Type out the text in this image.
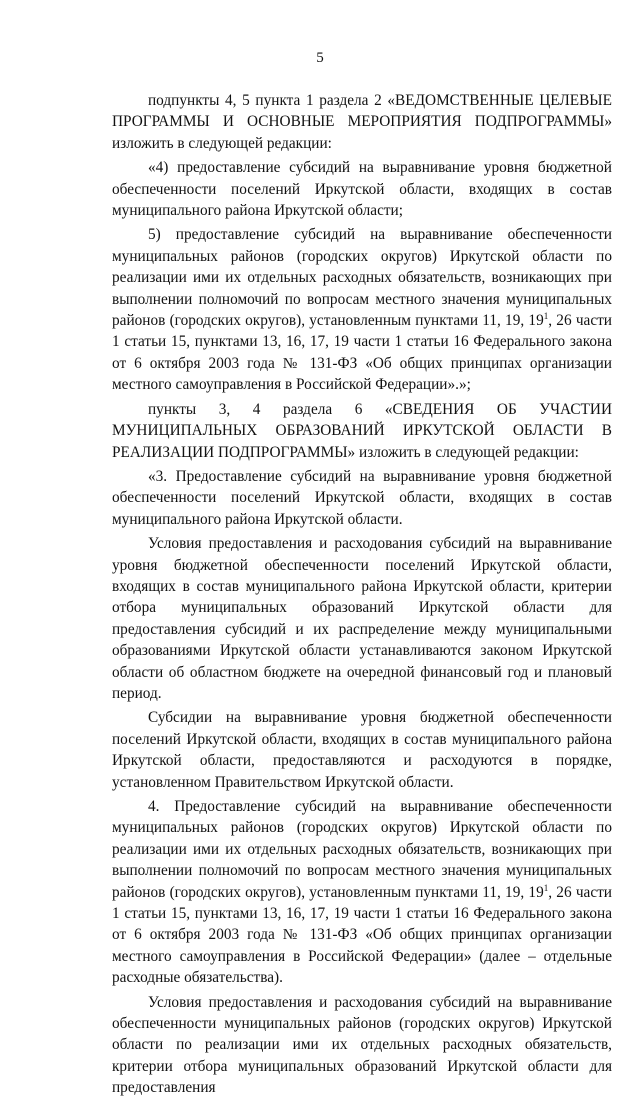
5

подпункты 4, 5 пункта 1 раздела 2 «ВЕДОМСТВЕННЫЕ ЦЕЛЕВЫЕ ПРОГРАММЫ И ОСНОВНЫЕ МЕРОПРИЯТИЯ ПОДПРОГРАММЫ» изложить в следующей редакции:

«4) предоставление субсидий на выравнивание уровня бюджетной обеспеченности поселений Иркутской области, входящих в состав муниципального района Иркутской области;

5) предоставление субсидий на выравнивание обеспеченности муниципальных районов (городских округов) Иркутской области по реализации ими их отдельных расходных обязательств, возникающих при выполнении полномочий по вопросам местного значения муниципальных районов (городских округов), установленным пунктами 11, 19, $19^1$, 26 части 1 статьи 15, пунктами 13, 16, 17, 19 части 1 статьи 16 Федерального закона от 6 октября 2003 года № 131-ФЗ «Об общих принципах организации местного самоуправления в Российской Федерации».»;

пункты 3, 4 раздела 6 «СВЕДЕНИЯ ОБ УЧАСТИИ МУНИЦИПАЛЬНЫХ ОБРАЗОВАНИЙ ИРКУТСКОЙ ОБЛАСТИ В РЕАЛИЗАЦИИ ПОДПРОГРАММЫ» изложить в следующей редакции:

«3. Предоставление субсидий на выравнивание уровня бюджетной обеспеченности поселений Иркутской области, входящих в состав муниципального района Иркутской области.

Условия предоставления и расходования субсидий на выравнивание уровня бюджетной обеспеченности поселений Иркутской области, входящих в состав муниципального района Иркутской области, критерии отбора муниципальных образований Иркутской области для предоставления субсидий и их распределение между муниципальными образованиями Иркутской области устанавливаются законом Иркутской области об областном бюджете на очередной финансовый год и плановый период.

Субсидии на выравнивание уровня бюджетной обеспеченности поселений Иркутской области, входящих в состав муниципального района Иркутской области, предоставляются и расходуются в порядке, установленном Правительством Иркутской области.

4. Предоставление субсидий на выравнивание обеспеченности муниципальных районов (городских округов) Иркутской области по реализации ими их отдельных расходных обязательств, возникающих при выполнении полномочий по вопросам местного значения муниципальных районов (городских округов), установленным пунктами 11, 19, $19^1$, 26 части 1 статьи 15, пунктами 13, 16, 17, 19 части 1 статьи 16 Федерального закона от 6 октября 2003 года № 131-ФЗ «Об общих принципах организации местного самоуправления в Российской Федерации» (далее – отдельные расходные обязательства).

Условия предоставления и расходования субсидий на выравнивание обеспеченности муниципальных районов (городских округов) Иркутской области по реализации ими их отдельных расходных обязательств, критерии отбора муниципальных образований Иркутской области для предоставления
